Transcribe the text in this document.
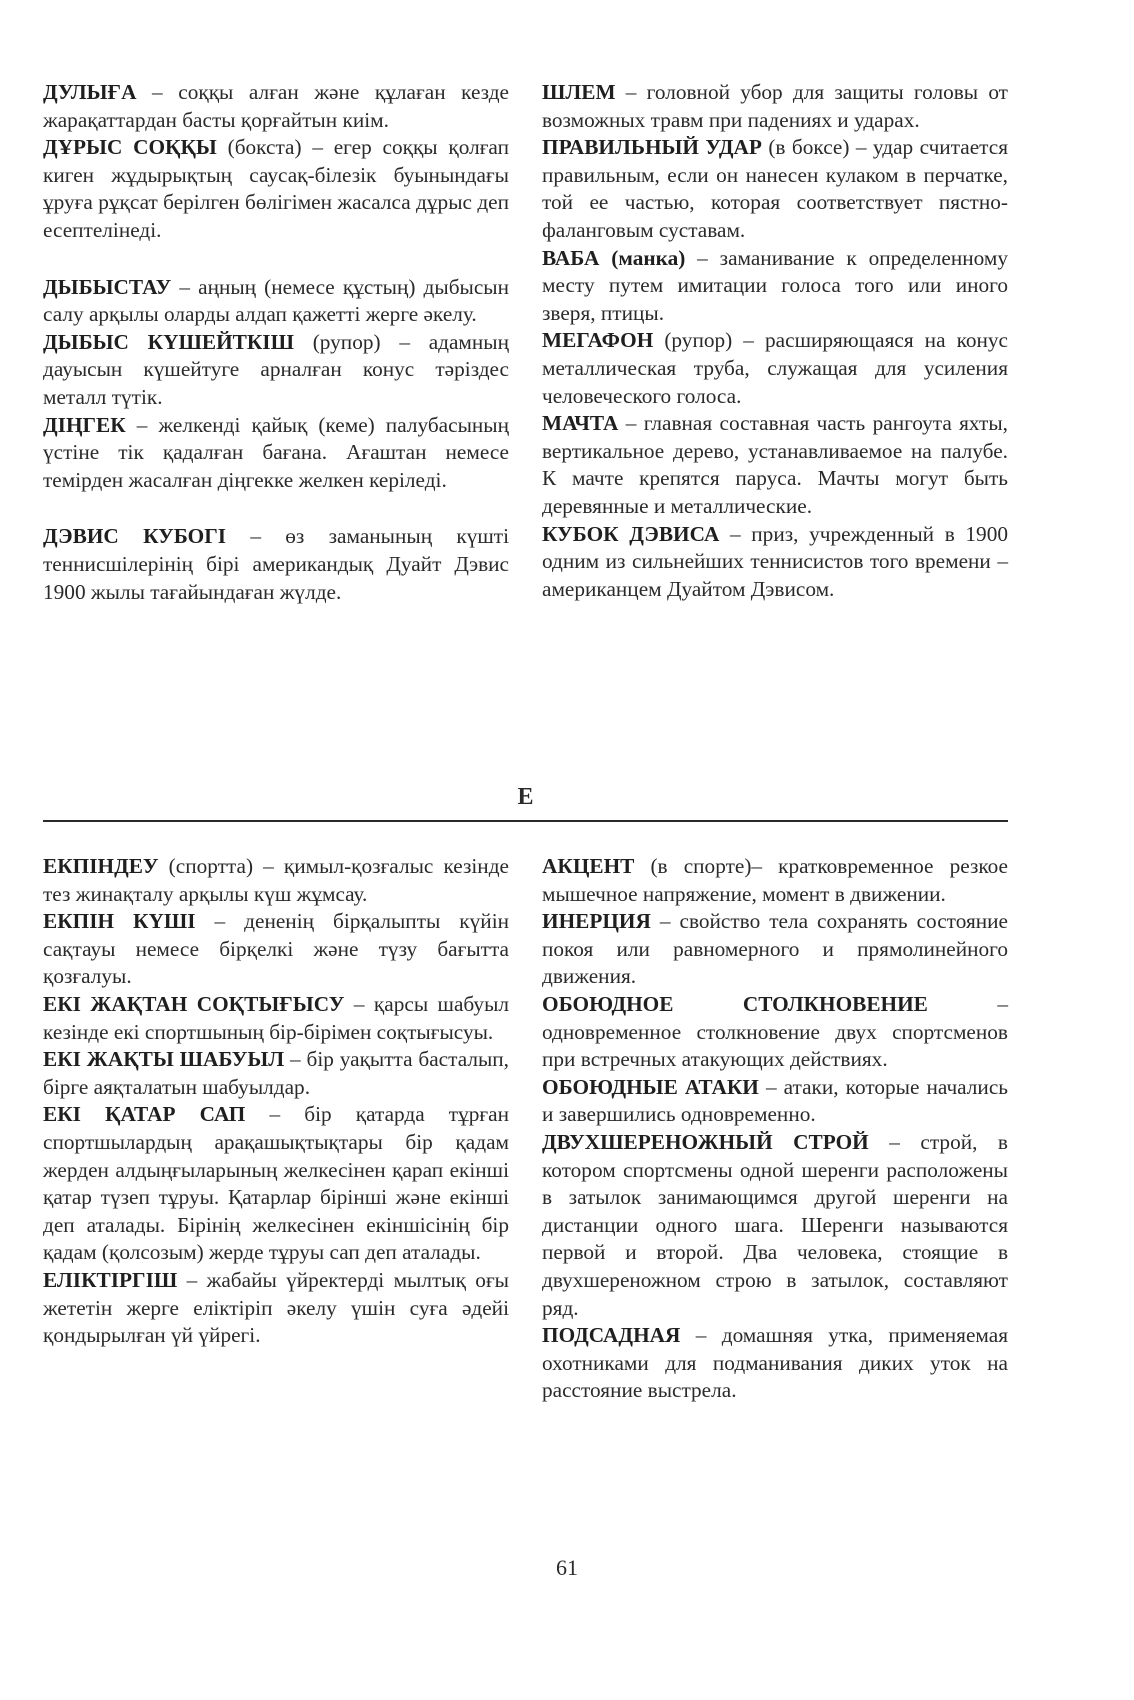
ДУЛЫҒА – соққы алған және құлаған кезде жарақаттардан басты қорғайтын киім.

ДҰРЫС СОҚҚЫ (бокста) – егер соққы қолғап киген жұдырықтың саусақ-білезік буынындағы ұруға рұқсат берілген бөлігімен жасалса дұрыс деп есептелінеді.

ДЫБЫСТАУ – аңның (немесе құстың) дыбысын салу арқылы оларды алдап қажетті жерге әкелу.

ДЫБЫС КҮШЕЙТКІШ (рупор) – адамның дауысын күшейтуге арналған конус тәріздес металл түтік.

ДІҢГЕК – желкенді қайық (кеме) палубасының үстіне тік қадалған бағана. Ағаштан немесе темірден жасалған діңгекке желкен керіледі.

ДЭВИС КУБОГІ – өз заманының күшті теннисшілерінің бірі американдық Дуайт Дэвис 1900 жылы тағайындаған жүлде.

ШЛЕМ – головной убор для защиты головы от возможных травм при падениях и ударах.

ПРАВИЛЬНЫЙ УДАР (в боксе) – удар считается правильным, если он нанесен кулаком в перчатке, той ее частью, которая соответствует пястно-фаланговым суставам.

ВАБА (манка) – заманивание к определенному месту путем имитации голоса того или иного зверя, птицы.

МЕГАФОН (рупор) – расширяющаяся на конус металлическая труба, служащая для усиления человеческого голоса.

МАЧТА – главная составная часть рангоута яхты, вертикальное дерево, устанавливаемое на палубе. К мачте крепятся паруса. Мачты могут быть деревянные и металлические.

КУБОК ДЭВИСА – приз, учрежденный в 1900 одним из сильнейших теннисистов того времени – американцем Дуайтом Дэвисом.

Е

ЕКПІНДЕУ (спортта) – қимыл-қозғалыс кезінде тез жинақталу арқылы күш жұмсау.

ЕКПІН КҮШІ – дененің бірқалыпты күйін сақтауы немесе бірқелкі және түзу бағытта қозғалуы.

ЕКІ ЖАҚТАН СОҚТЫҒЫСУ – қарсы шабуыл кезінде екі спортшының бір-бірімен соқтығысуы.

ЕКІ ЖАҚТЫ ШАБУЫЛ – бір уақытта басталып, бірге аяқталатын шабуылдар.

ЕКІ ҚАТАР САП – бір қатарда тұрған спортшылардың арақашықтықтары бір қадам жерден алдыңғыларының желкесінен қарап екінші қатар түзеп тұруы. Қатарлар бірінші және екінші деп аталады. Бірінің желкесінен екіншісінің бір қадам (қолсозым) жерде тұруы сап деп аталады.

ЕЛІКТІРГІШ – жабайы үйректерді мылтық оғы жететін жерге еліктіріп әкелу үшін суға әдейі қондырылған үй үйрегі.

АКЦЕНТ (в спорте)– кратковременное резкое мышечное напряжение, момент в движении.

ИНЕРЦИЯ – свойство тела сохранять состояние покоя или равномерного и прямолинейного движения.

ОБОЮДНОЕ СТОЛКНОВЕНИЕ	– одновременное столкновение двух спортсменов при встречных атакующих действиях.

ОБОЮДНЫЕ АТАКИ – атаки, которые начались и завершились одновременно.

ДВУХШЕРЕНОЖНЫЙ СТРОЙ – строй, в котором спортсмены одной шеренги расположены в затылок занимающимся другой шеренги на дистанции одного шага. Шеренги называются первой и второй. Два человека, стоящие в двухшереножном строю в затылок, составляют ряд.

ПОДСАДНАЯ – домашняя утка, применяемая охотниками для подманивания диких уток на расстояние выстрела.

61
